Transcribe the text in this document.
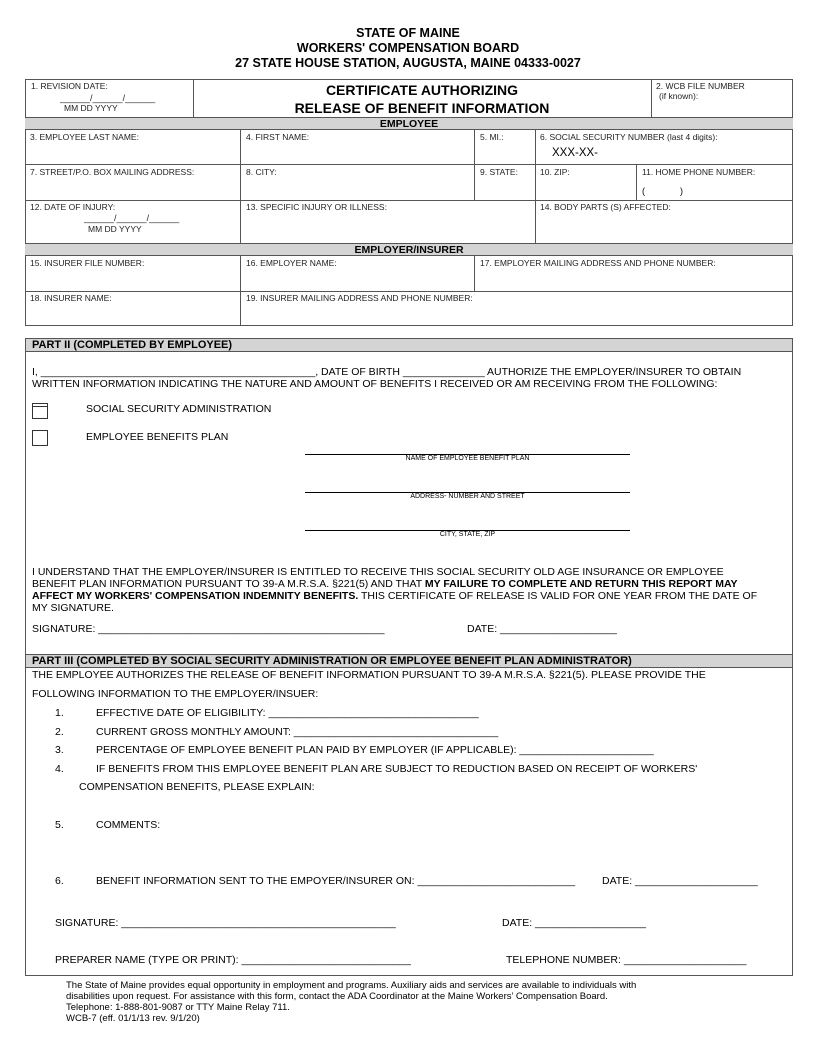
STATE OF MAINE
WORKERS' COMPENSATION BOARD
27 STATE HOUSE STATION, AUGUSTA, MAINE 04333-0027
1. REVISION DATE:
______/______/______
MM DD YYYY
CERTIFICATE AUTHORIZING
RELEASE OF BENEFIT INFORMATION
2. WCB FILE NUMBER
(if known):
EMPLOYEE
3. EMPLOYEE LAST NAME:	4. FIRST NAME:	5. MI.:	6. SOCIAL SECURITY NUMBER (last 4 digits):
XXX-XX-
7. STREET/P.O. BOX MAILING ADDRESS:	8. CITY:	9. STATE:	10. ZIP:	11. HOME PHONE NUMBER:
(              )
12. DATE OF INJURY:
______/______/______
MM DD YYYY
13. SPECIFIC INJURY OR ILLNESS:	14. BODY PARTS (S) AFFECTED:
EMPLOYER/INSURER
15. INSURER FILE NUMBER:	16. EMPLOYER NAME:	17. EMPLOYER MAILING ADDRESS AND PHONE NUMBER:
18. INSURER NAME:	19. INSURER MAILING ADDRESS AND PHONE NUMBER:
PART II (COMPLETED BY EMPLOYEE)
I, _______________________________________________, DATE OF BIRTH ______________ AUTHORIZE THE EMPLOYER/INSURER TO OBTAIN
WRITTEN INFORMATION INDICATING THE NATURE AND AMOUNT OF BENEFITS I RECEIVED OR AM RECEIVING FROM THE FOLLOWING:
SOCIAL SECURITY ADMINISTRATION
EMPLOYEE BENEFITS PLAN
NAME OF EMPLOYEE BENEFIT PLAN
ADDRESS- NUMBER AND STREET
CITY, STATE, ZIP
I UNDERSTAND THAT THE EMPLOYER/INSURER IS ENTITLED TO RECEIVE THIS SOCIAL SECURITY OLD AGE INSURANCE OR EMPLOYEE
BENEFIT PLAN INFORMATION PURSUANT TO 39-A M.R.S.A. §221(5) AND THAT MY FAILURE TO COMPLETE AND RETURN THIS REPORT MAY
AFFECT MY WORKERS' COMPENSATION INDEMNITY BENEFITS. THIS CERTIFICATE OF RELEASE IS VALID FOR ONE YEAR FROM THE DATE OF
MY SIGNATURE.
SIGNATURE: _________________________________________________	DATE: ____________________
PART III (COMPLETED BY SOCIAL SECURITY ADMINISTRATION OR EMPLOYEE BENEFIT PLAN ADMINISTRATOR)
THE EMPLOYEE AUTHORIZES THE RELEASE OF BENEFIT INFORMATION PURSUANT TO 39-A M.R.S.A. §221(5). PLEASE PROVIDE THE
FOLLOWING INFORMATION TO THE EMPLOYER/INSUER:
1.	EFFECTIVE DATE OF ELIGIBILITY: ____________________________________
2.	CURRENT GROSS MONTHLY AMOUNT: ___________________________________
3.	PERCENTAGE OF EMPLOYEE BENEFIT PLAN PAID BY EMPLOYER (IF APPLICABLE): _______________________
4.	IF BENEFITS FROM THIS EMPLOYEE BENEFIT PLAN ARE SUBJECT TO REDUCTION BASED ON RECEIPT OF WORKERS'
COMPENSATION BENEFITS, PLEASE EXPLAIN:
5.	COMMENTS:
6.	BENEFIT INFORMATION SENT TO THE EMPOYER/INSURER ON: ___________________________	DATE: _____________________
SIGNATURE: _______________________________________________	DATE: ___________________
PREPARER NAME (TYPE OR PRINT): _____________________________	TELEPHONE NUMBER: _____________________
The State of Maine provides equal opportunity in employment and programs. Auxiliary aids and services are available to individuals with
disabilities upon request. For assistance with this form, contact the ADA Coordinator at the Maine Workers’ Compensation Board.
Telephone: 1-888-801-9087 or TTY Maine Relay 711.
WCB-7 (eff. 01/1/13 rev. 9/1/20)
